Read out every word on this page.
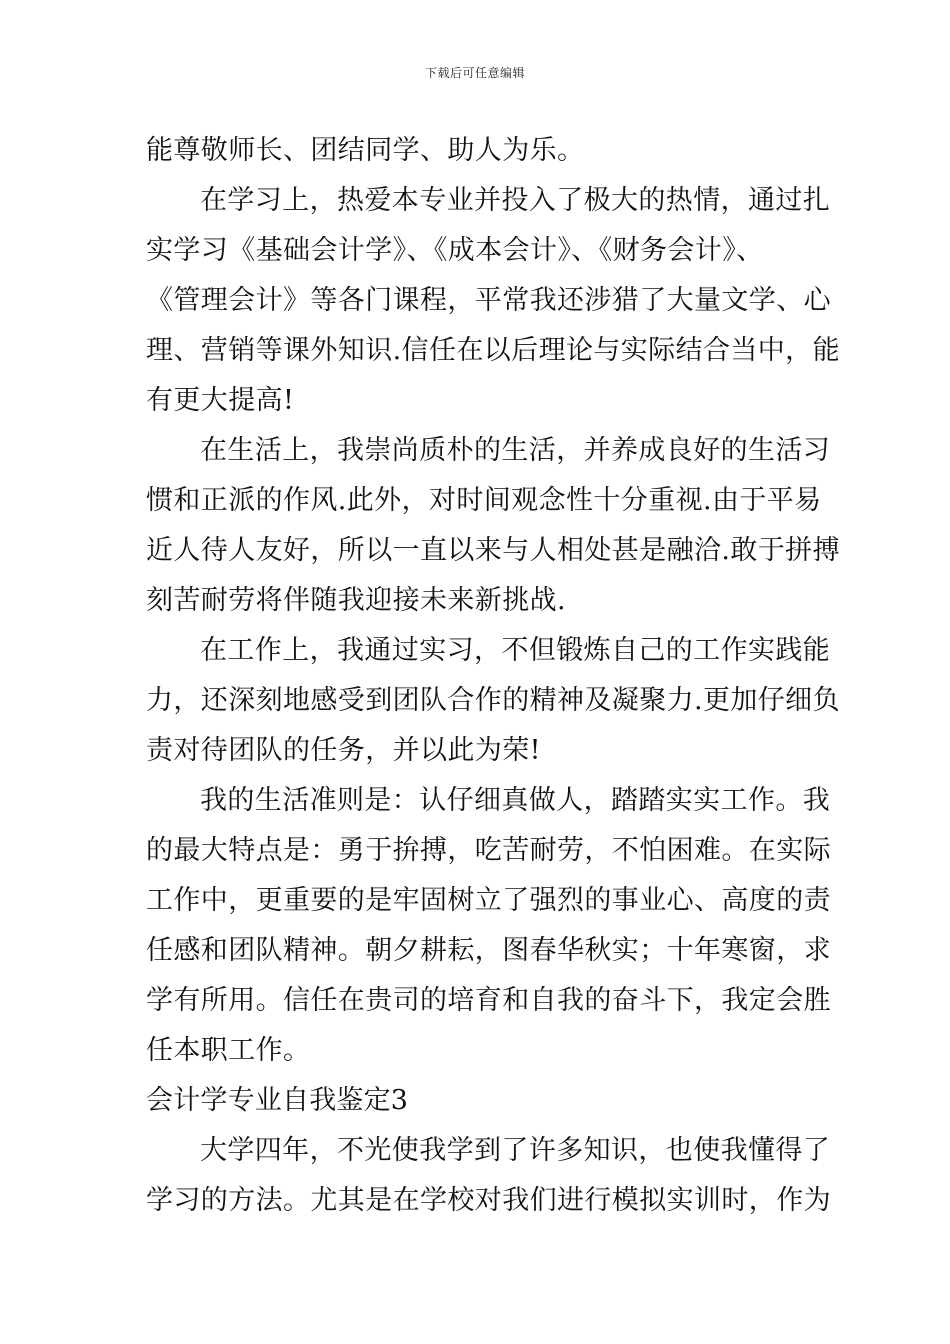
下载后可任意编辑
能尊敬师长、团结同学、助人为乐。
在学习上，热爱本专业并投入了极大的热情，通过扎
实学习《基础会计学》、《成本会计》、《财务会计》、
《管理会计》等各门课程，平常我还涉猎了大量文学、心
理、营销等课外知识.信任在以后理论与实际结合当中，能
有更大提高!
在生活上，我崇尚质朴的生活，并养成良好的生活习
惯和正派的作风.此外，对时间观念性十分重视.由于平易
近人待人友好，所以一直以来与人相处甚是融洽.敢于拼搏
刻苦耐劳将伴随我迎接未来新挑战.
在工作上，我通过实习，不但锻炼自己的工作实践能
力，还深刻地感受到团队合作的精神及凝聚力.更加仔细负
责对待团队的任务，并以此为荣!
我的生活准则是：认仔细真做人，踏踏实实工作。我
的最大特点是：勇于拚搏，吃苦耐劳，不怕困难。在实际
工作中，更重要的是牢固树立了强烈的事业心、高度的责
任感和团队精神。朝夕耕耘，图春华秋实；十年寒窗，求
学有所用。信任在贵司的培育和自我的奋斗下，我定会胜
任本职工作。
会计学专业自我鉴定3
大学四年，不光使我学到了许多知识，也使我懂得了
学习的方法。尤其是在学校对我们进行模拟实训时，作为
